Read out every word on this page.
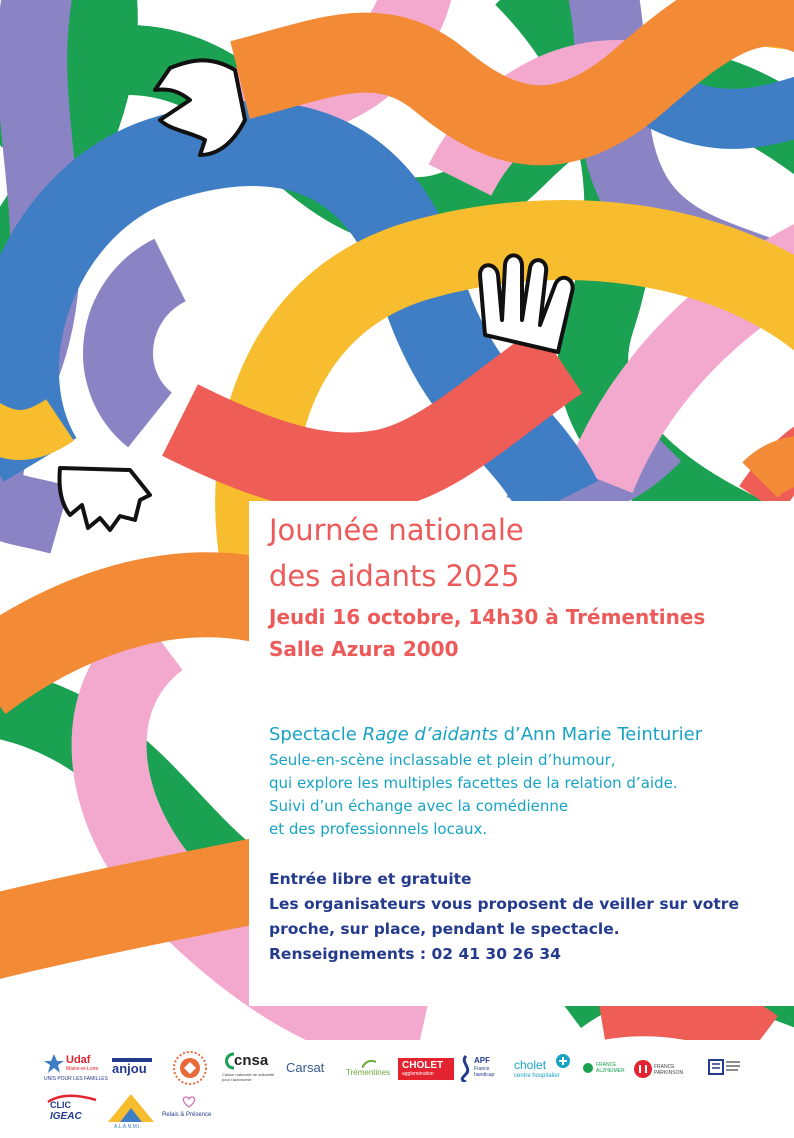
Journée nationale
des aidants 2025

Jeudi 16 octobre, 14h30 à Trémentines

Salle Azura 2000

Spectacle Rage d’aidants d’Ann Marie Teinturier

Seule-en-scène inclassable et plein d’humour,

qui explore les multiples facettes de la relation d’aide.

Suivi d’un échange avec la comédienne

et des professionnels locaux.

Entrée libre et gratuite

Les organisateurs vous proposent de veiller sur votre

proche, sur place, pendant le spectacle.

Renseignements : 02 41 30 26 34

Udaf
Maine-et-Loire
UNIS POUR LES FAMILLES
anjou	cnsa
Caisse nationale de solidarité pour l’autonomie
Carsat	Trémentines
CHOLET
agglomération
APF
France handicap
cholet
centre hospitalier
FRANCE ALZHEIMER
FRANCE PARKINSON
CLIC
IGEAC
A.L.A.N.M.I.
Relais & Présence
